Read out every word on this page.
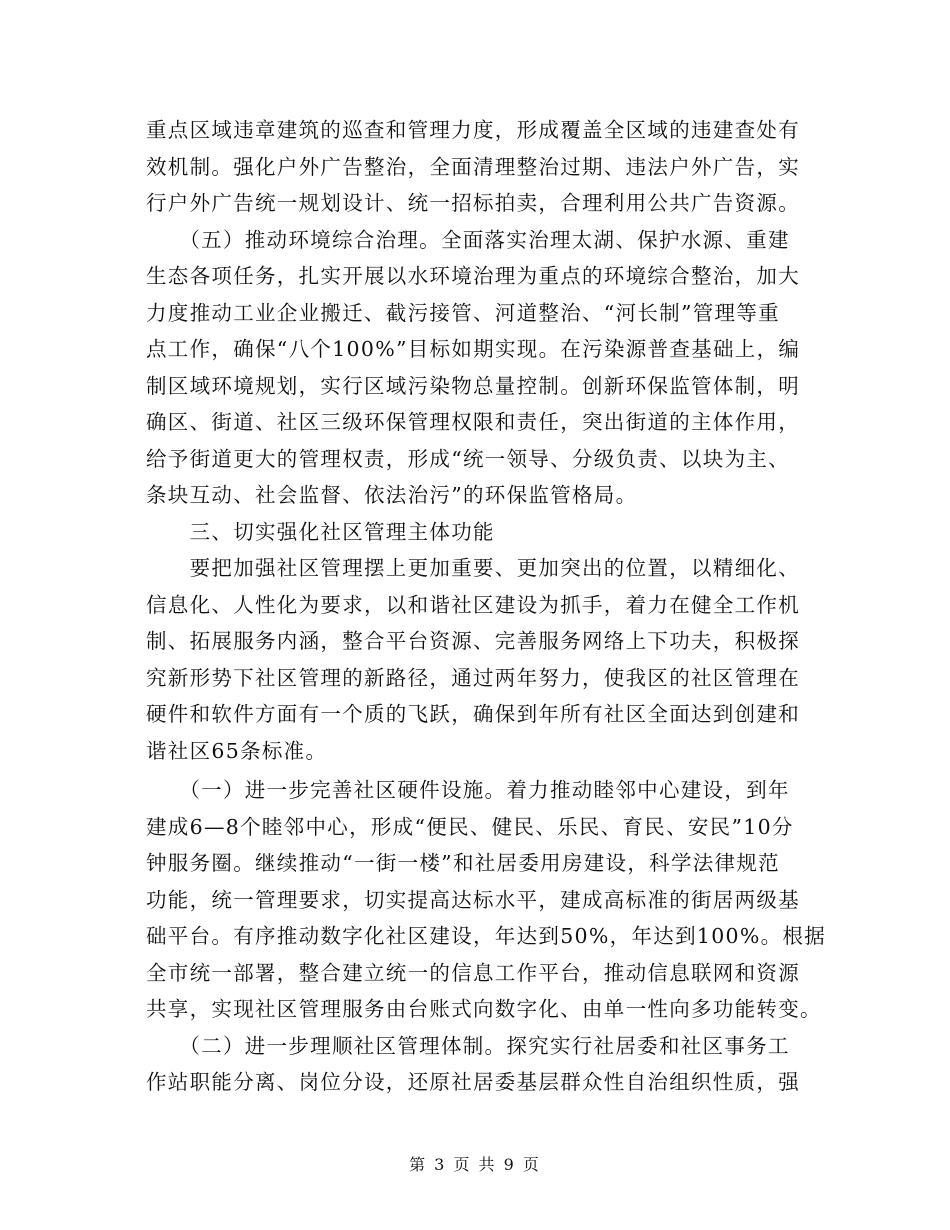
重点区域违章建筑的巡查和管理力度，形成覆盖全区域的违建查处有
效机制。强化户外广告整治，全面清理整治过期、违法户外广告，实
行户外广告统一规划设计、统一招标拍卖，合理利用公共广告资源。

　　（五）推动环境综合治理。全面落实治理太湖、保护水源、重建
生态各项任务，扎实开展以水环境治理为重点的环境综合整治，加大
力度推动工业企业搬迁、截污接管、河道整治、“河长制”管理等重
点工作，确保“八个100%”目标如期实现。在污染源普查基础上，编
制区域环境规划，实行区域污染物总量控制。创新环保监管体制，明
确区、街道、社区三级环保管理权限和责任，突出街道的主体作用，
给予街道更大的管理权责，形成“统一领导、分级负责、以块为主、
条块互动、社会监督、依法治污”的环保监管格局。

　　三、切实强化社区管理主体功能

　　要把加强社区管理摆上更加重要、更加突出的位置，以精细化、
信息化、人性化为要求，以和谐社区建设为抓手，着力在健全工作机
制、拓展服务内涵，整合平台资源、完善服务网络上下功夫，积极探
究新形势下社区管理的新路径，通过两年努力，使我区的社区管理在
硬件和软件方面有一个质的飞跃，确保到年所有社区全面达到创建和
谐社区65条标准。

　　（一）进一步完善社区硬件设施。着力推动睦邻中心建设，到年
建成6—8个睦邻中心，形成“便民、健民、乐民、育民、安民”10分
钟服务圈。继续推动“一街一楼”和社居委用房建设，科学法律规范
功能，统一管理要求，切实提高达标水平，建成高标准的街居两级基
础平台。有序推动数字化社区建设，年达到50%，年达到100%。根据
全市统一部署，整合建立统一的信息工作平台，推动信息联网和资源
共享，实现社区管理服务由台账式向数字化、由单一性向多功能转变。

　　（二）进一步理顺社区管理体制。探究实行社居委和社区事务工
作站职能分离、岗位分设，还原社居委基层群众性自治组织性质，强

第 3 页 共 9 页
